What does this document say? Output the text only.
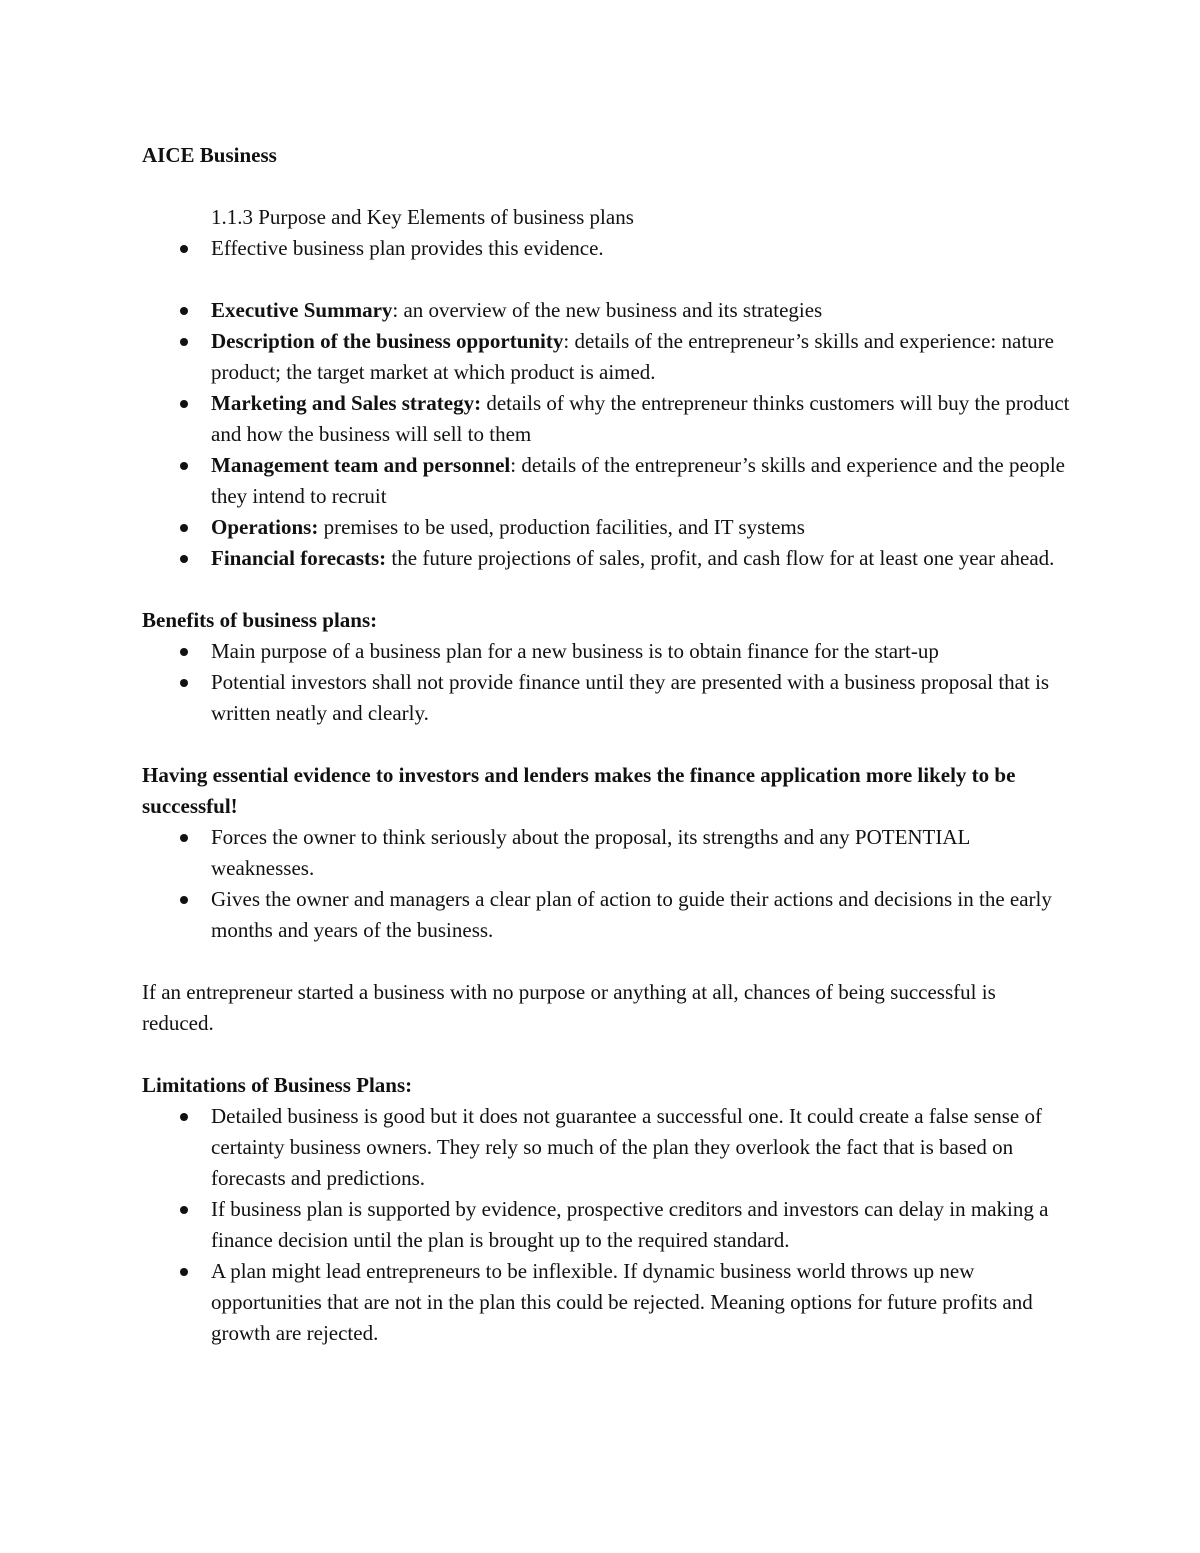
AICE Business

1.1.3 Purpose and Key Elements of business plans

Effective business plan provides this evidence.
Executive Summary: an overview of the new business and its strategies
Description of the business opportunity: details of the entrepreneur’s skills and experience: nature product; the target market at which product is aimed.
Marketing and Sales strategy: details of why the entrepreneur thinks customers will buy the product and how the business will sell to them
Management team and personnel: details of the entrepreneur’s skills and experience and the people they intend to recruit
Operations: premises to be used, production facilities, and IT systems
Financial forecasts: the future projections of sales, profit, and cash flow for at least one year ahead.

Benefits of business plans:

Main purpose of a business plan for a new business is to obtain finance for the start-up
Potential investors shall not provide finance until they are presented with a business proposal that is written neatly and clearly.

Having essential evidence to investors and lenders makes the finance application more likely to be successful!

Forces the owner to think seriously about the proposal, its strengths and any POTENTIAL weaknesses.
Gives the owner and managers a clear plan of action to guide their actions and decisions in the early months and years of the business.

If an entrepreneur started a business with no purpose or anything at all, chances of being successful is reduced.

Limitations of Business Plans:

Detailed business is good but it does not guarantee a successful one. It could create a false sense of certainty business owners. They rely so much of the plan they overlook the fact that is based on forecasts and predictions.
If business plan is supported by evidence, prospective creditors and investors can delay in making a finance decision until the plan is brought up to the required standard.
A plan might lead entrepreneurs to be inflexible. If dynamic business world throws up new opportunities that are not in the plan this could be rejected. Meaning options for future profits and growth are rejected.
